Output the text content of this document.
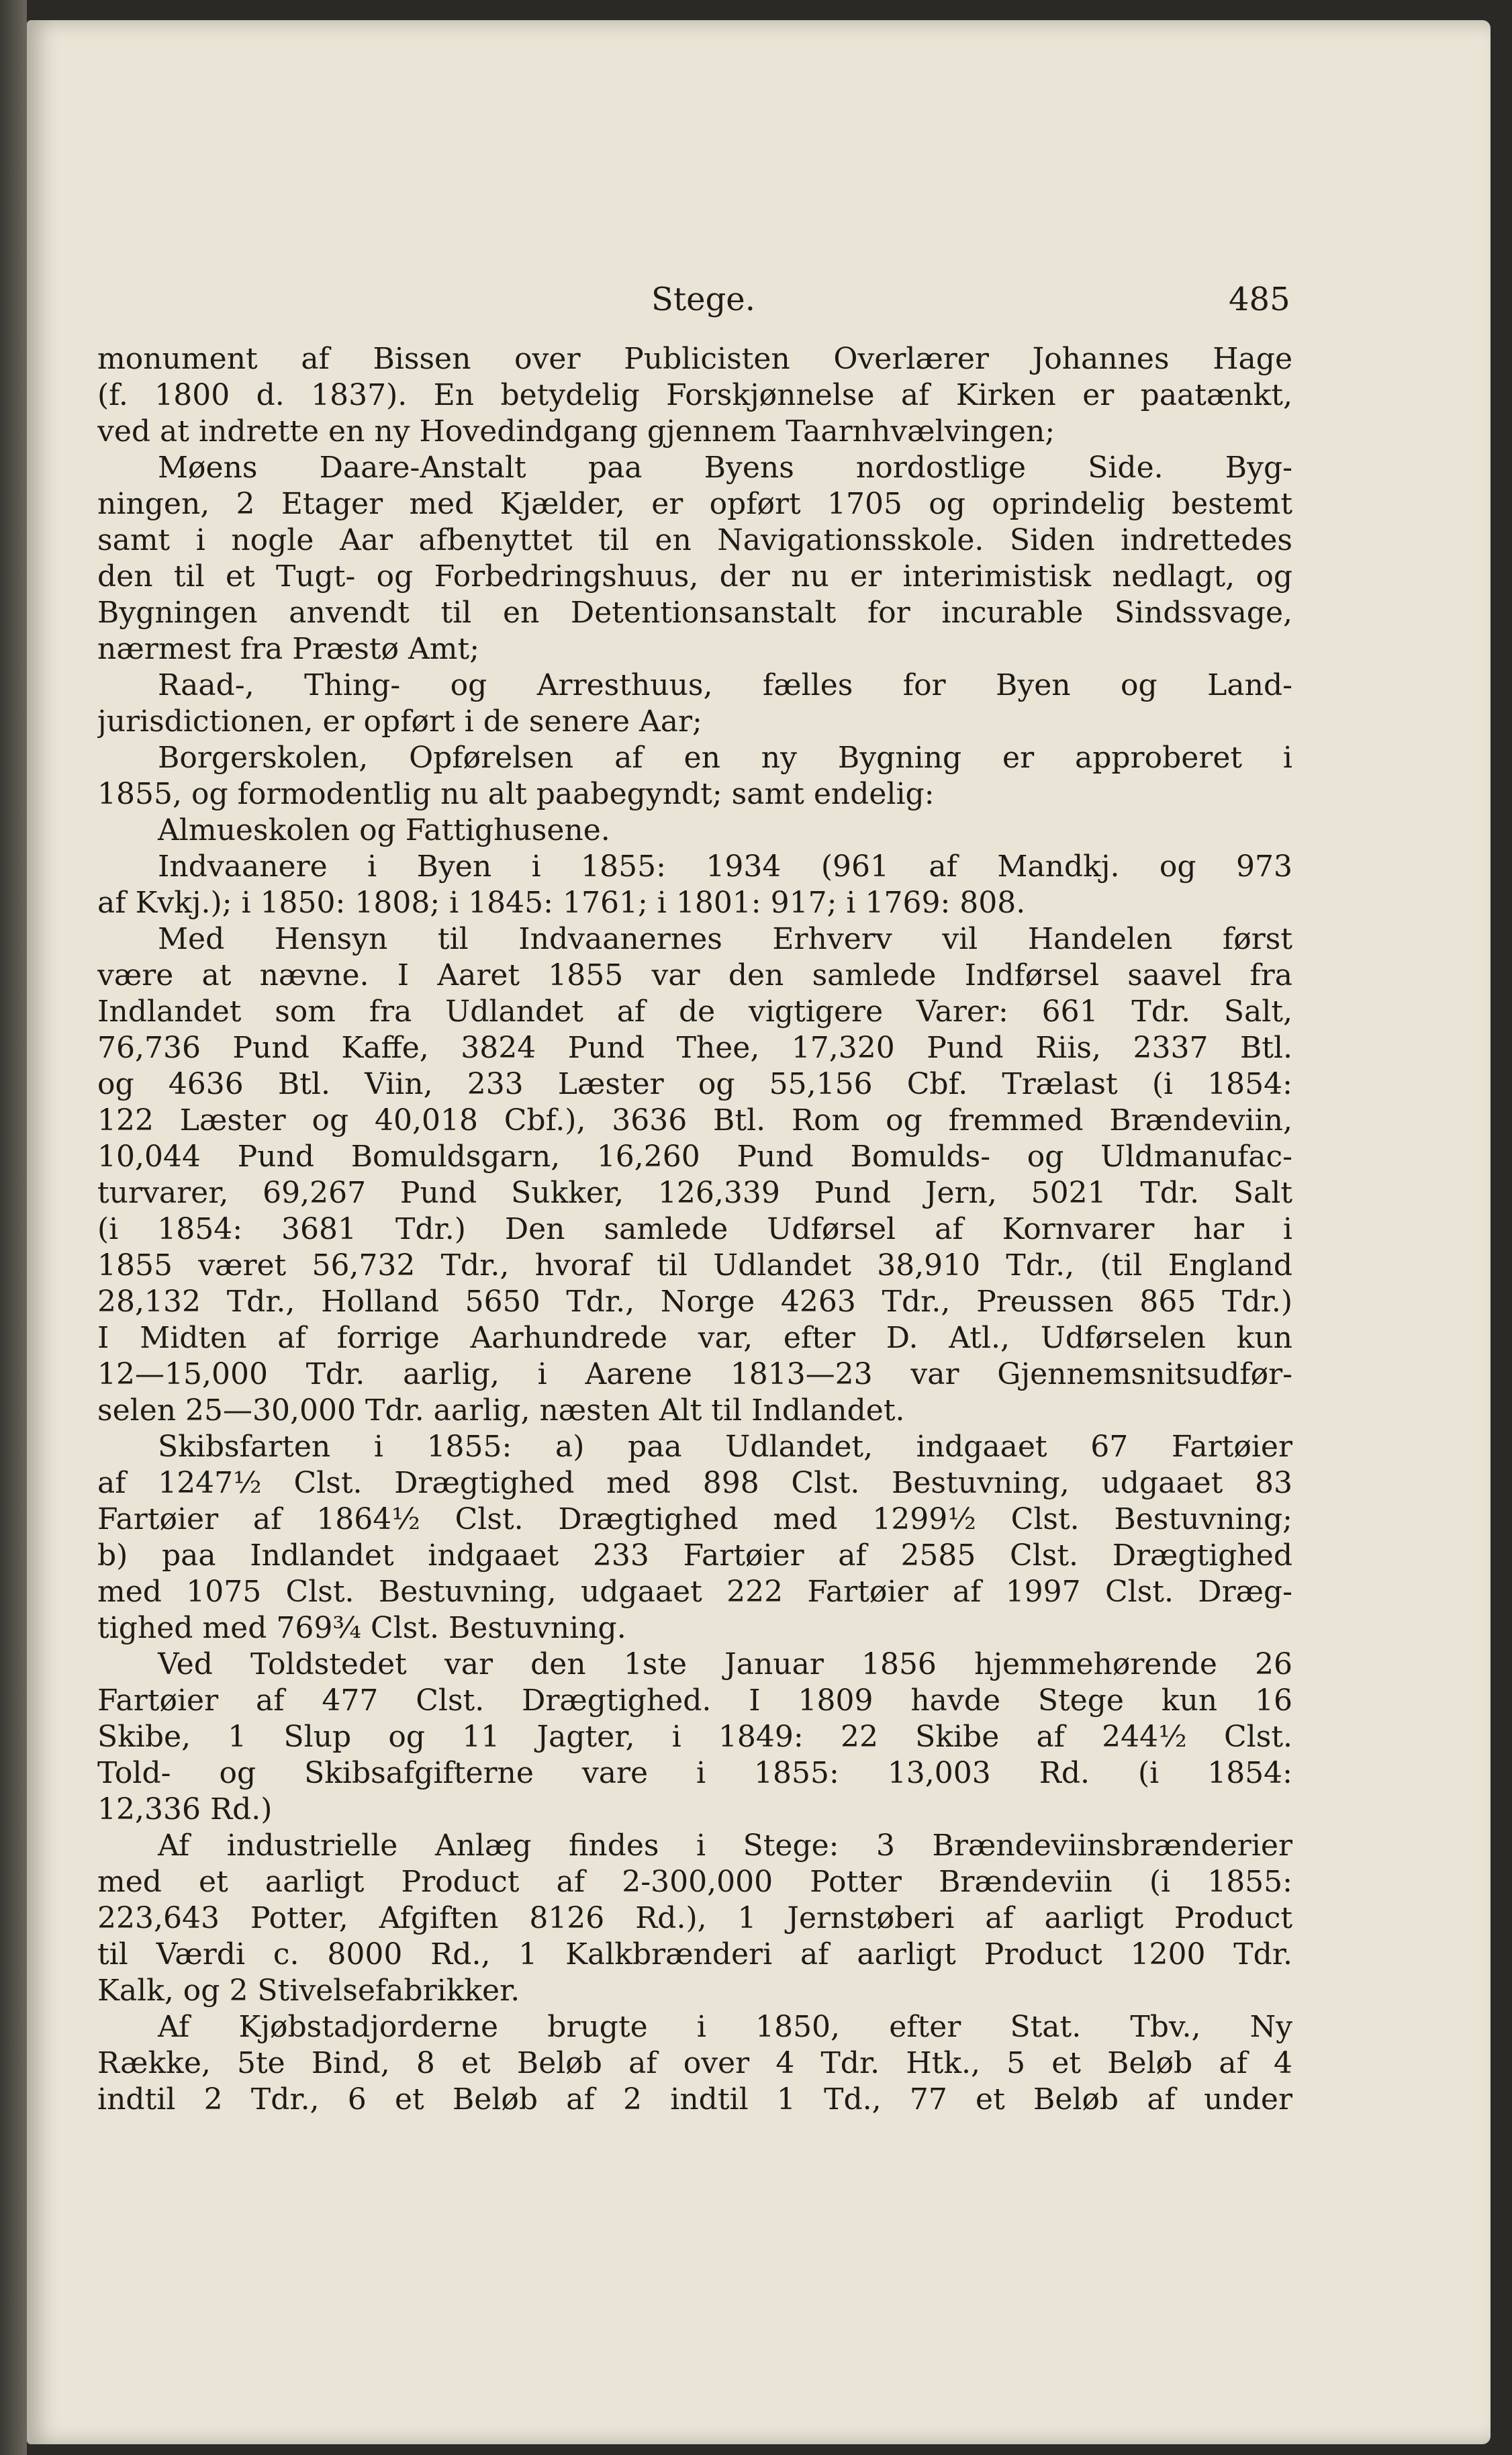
Stege.	485
monument af Bissen over Publicisten Overlærer Johannes Hage
(f. 1800 d. 1837). En betydelig Forskjønnelse af Kirken er paatænkt,
ved at indrette en ny Hovedindgang gjennem Taarnhvælvingen;
Møens Daare-Anstalt paa Byens nordostlige Side. Byg-
ningen, 2 Etager med Kjælder, er opført 1705 og oprindelig bestemt
samt i nogle Aar afbenyttet til en Navigationsskole. Siden indrettedes
den til et Tugt- og Forbedringshuus, der nu er interimistisk nedlagt, og
Bygningen anvendt til en Detentionsanstalt for incurable Sindssvage,
nærmest fra Præstø Amt;
Raad-, Thing- og Arresthuus, fælles for Byen og Land-
jurisdictionen, er opført i de senere Aar;
Borgerskolen, Opførelsen af en ny Bygning er approberet i
1855, og formodentlig nu alt paabegyndt; samt endelig:
Almueskolen og Fattighusene.
Indvaanere i Byen i 1855: 1934 (961 af Mandkj. og 973
af Kvkj.); i 1850: 1808; i 1845: 1761; i 1801: 917; i 1769: 808.
Med Hensyn til Indvaanernes Erhverv vil Handelen først
være at nævne. I Aaret 1855 var den samlede Indførsel saavel fra
Indlandet som fra Udlandet af de vigtigere Varer: 661 Tdr. Salt,
76,736 Pund Kaffe, 3824 Pund Thee, 17,320 Pund Riis, 2337 Btl.
og 4636 Btl. Viin, 233 Læster og 55,156 Cbf. Trælast (i 1854:
122 Læster og 40,018 Cbf.), 3636 Btl. Rom og fremmed Brændeviin,
10,044 Pund Bomuldsgarn, 16,260 Pund Bomulds- og Uldmanufac-
turvarer, 69,267 Pund Sukker, 126,339 Pund Jern, 5021 Tdr. Salt
(i 1854: 3681 Tdr.) Den samlede Udførsel af Kornvarer har i
1855 været 56,732 Tdr., hvoraf til Udlandet 38,910 Tdr., (til England
28,132 Tdr., Holland 5650 Tdr., Norge 4263 Tdr., Preussen 865 Tdr.)
I Midten af forrige Aarhundrede var, efter D. Atl., Udførselen kun
12—15,000 Tdr. aarlig, i Aarene 1813—23 var Gjennemsnitsudfør-
selen 25—30,000 Tdr. aarlig, næsten Alt til Indlandet.
Skibsfarten i 1855: a) paa Udlandet, indgaaet 67 Fartøier
af 1247½ Clst. Drægtighed med 898 Clst. Bestuvning, udgaaet 83
Fartøier af 1864½ Clst. Drægtighed med 1299½ Clst. Bestuvning;
b) paa Indlandet indgaaet 233 Fartøier af 2585 Clst. Drægtighed
med 1075 Clst. Bestuvning, udgaaet 222 Fartøier af 1997 Clst. Dræg-
tighed med 769¾ Clst. Bestuvning.
Ved Toldstedet var den 1ste Januar 1856 hjemmehørende 26
Fartøier af 477 Clst. Drægtighed. I 1809 havde Stege kun 16
Skibe, 1 Slup og 11 Jagter, i 1849: 22 Skibe af 244½ Clst.
Told- og Skibsafgifterne vare i 1855: 13,003 Rd. (i 1854:
12,336 Rd.)
Af industrielle Anlæg findes i Stege: 3 Brændeviinsbrænderier
med et aarligt Product af 2-300,000 Potter Brændeviin (i 1855:
223,643 Potter, Afgiften 8126 Rd.), 1 Jernstøberi af aarligt Product
til Værdi c. 8000 Rd., 1 Kalkbrænderi af aarligt Product 1200 Tdr.
Kalk, og 2 Stivelsefabrikker.
Af Kjøbstadjorderne brugte i 1850, efter Stat. Tbv., Ny
Række, 5te Bind, 8 et Beløb af over 4 Tdr. Htk., 5 et Beløb af 4
indtil 2 Tdr., 6 et Beløb af 2 indtil 1 Td., 77 et Beløb af under
